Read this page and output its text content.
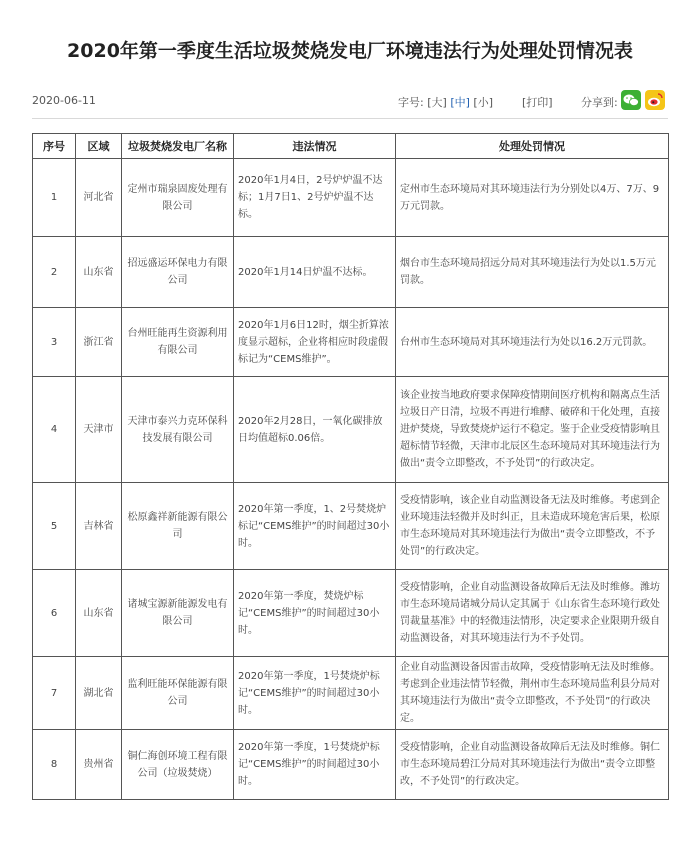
2020年第一季度生活垃圾焚烧发电厂环境违法行为处理处罚情况表
2020-06-11	字号: [大] [中] [小]	[打印]	分享到:
序号	区域	垃圾焚烧发电厂名称	违法情况	处理处罚情况
1	河北省	定州市瑞泉固废处理有限公司	2020年1月4日，2号炉炉温不达标；1月7日1、2号炉炉温不达标。	定州市生态环境局对其环境违法行为分别处以4万、7万、9万元罚款。
2	山东省	招远盛运环保电力有限公司	2020年1月14日炉温不达标。	烟台市生态环境局招远分局对其环境违法行为处以1.5万元罚款。
3	浙江省	台州旺能再生资源利用有限公司	2020年1月6日12时，烟尘折算浓度显示超标，企业将相应时段虚假标记为“CEMS维护”。	台州市生态环境局对其环境违法行为处以16.2万元罚款。
4	天津市	天津市泰兴力克环保科技发展有限公司	2020年2月28日，一氧化碳排放日均值超标0.06倍。	该企业按当地政府要求保障疫情期间医疗机构和隔离点生活垃圾日产日清，垃圾不再进行堆酵、破碎和干化处理，直接进炉焚烧，导致焚烧炉运行不稳定。鉴于企业受疫情影响且超标情节轻微，天津市北辰区生态环境局对其环境违法行为做出“责令立即整改，不予处罚”的行政决定。
5	吉林省	松原鑫祥新能源有限公司	2020年第一季度，1、2号焚烧炉标记“CEMS维护”的时间超过30小时。	受疫情影响，该企业自动监测设备无法及时维修。考虑到企业环境违法轻微并及时纠正，且未造成环境危害后果，松原市生态环境局对其环境违法行为做出“责令立即整改，不予处罚”的行政决定。
6	山东省	诸城宝源新能源发电有限公司	2020年第一季度，焚烧炉标记“CEMS维护”的时间超过30小时。	受疫情影响，企业自动监测设备故障后无法及时维修。潍坊市生态环境局诸城分局认定其属于《山东省生态环境行政处罚裁量基准》中的轻微违法情形，决定要求企业限期升级自动监测设备，对其环境违法行为不予处罚。
7	湖北省	监利旺能环保能源有限公司	2020年第一季度，1号焚烧炉标记“CEMS维护”的时间超过30小时。	企业自动监测设备因雷击故障，受疫情影响无法及时维修。考虑到企业违法情节轻微，荆州市生态环境局监利县分局对其环境违法行为做出“责令立即整改，不予处罚”的行政决定。
8	贵州省	铜仁海创环境工程有限公司（垃圾焚烧）	2020年第一季度，1号焚烧炉标记“CEMS维护”的时间超过30小时。	受疫情影响，企业自动监测设备故障后无法及时维修。铜仁市生态环境局碧江分局对其环境违法行为做出“责令立即整改，不予处罚”的行政决定。
